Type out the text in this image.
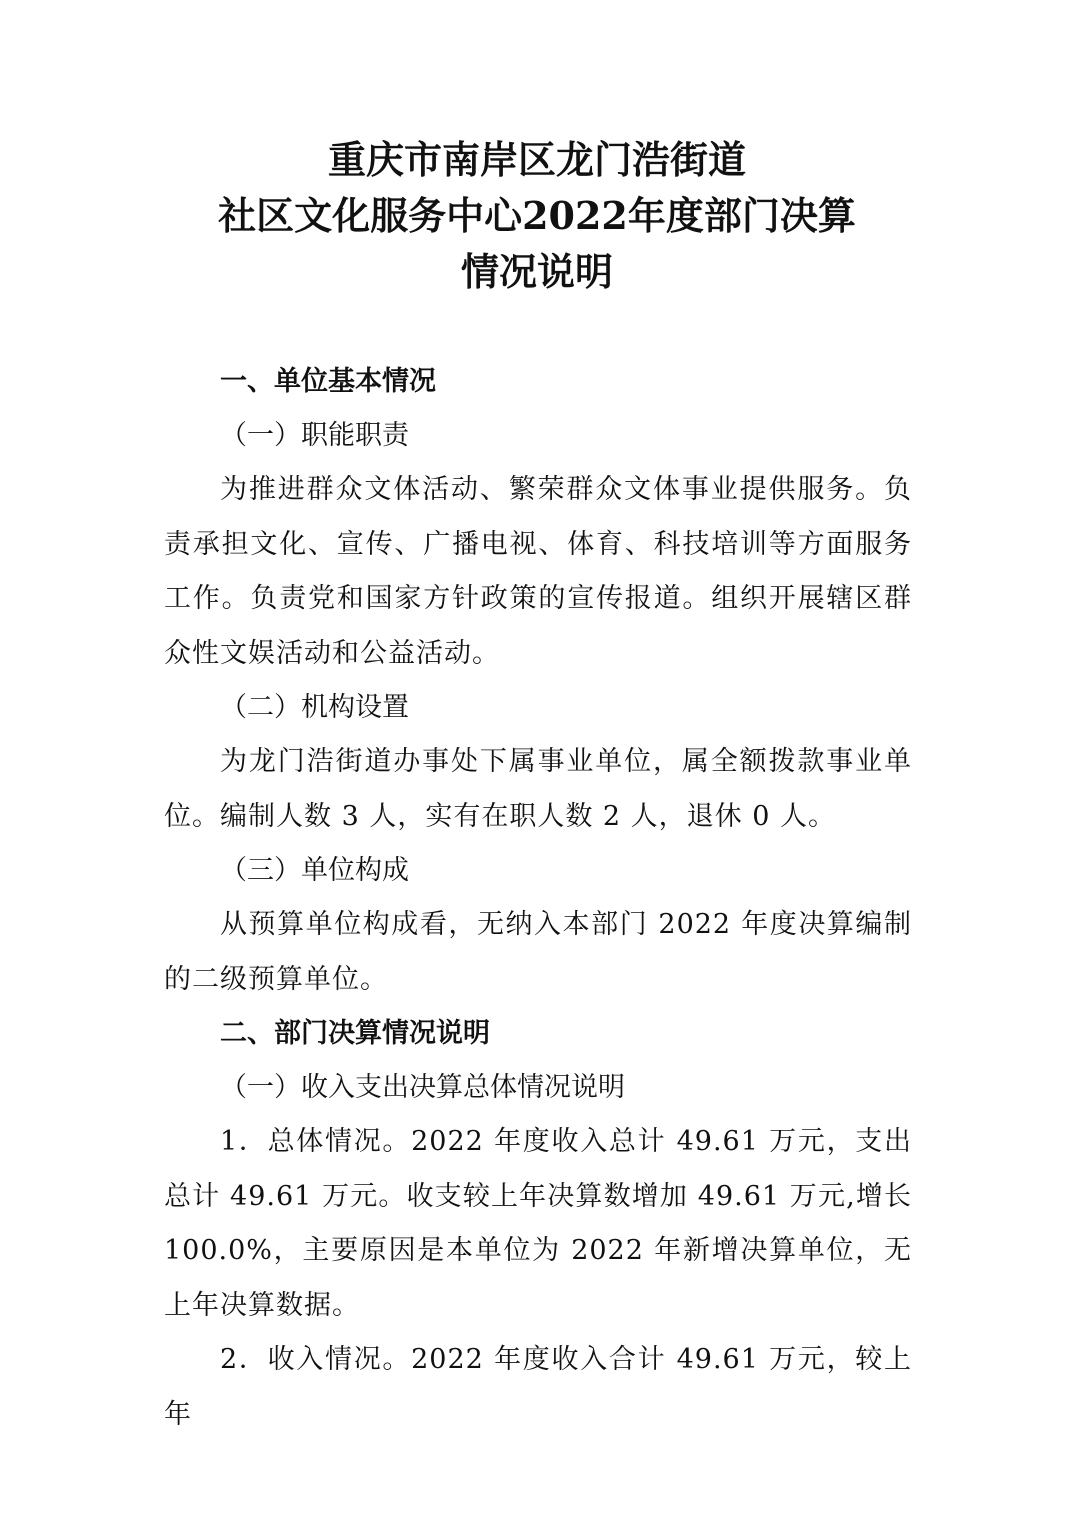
重庆市南岸区龙门浩街道
社区文化服务中心2022年度部门决算
情况说明

一、单位基本情况

（一）职能职责

为推进群众文体活动、繁荣群众文体事业提供服务。负责承担文化、宣传、广播电视、体育、科技培训等方面服务工作。负责党和国家方针政策的宣传报道。组织开展辖区群众性文娱活动和公益活动。

（二）机构设置

为龙门浩街道办事处下属事业单位，属全额拨款事业单位。编制人数 3 人，实有在职人数 2 人，退休 0 人。

（三）单位构成

从预算单位构成看，无纳入本部门 2022 年度决算编制的二级预算单位。

二、部门决算情况说明

（一）收入支出决算总体情况说明

1．总体情况。2022 年度收入总计 49.61 万元，支出总计 49.61 万元。收支较上年决算数增加 49.61 万元,增长100.0%，主要原因是本单位为 2022 年新增决算单位，无上年决算数据。

2．收入情况。2022 年度收入合计 49.61 万元，较上年
